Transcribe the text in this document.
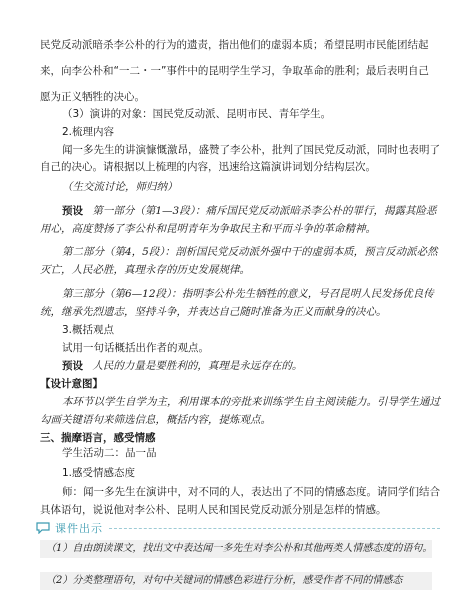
民党反动派暗杀李公朴的行为的遗责，指出他们的虚弱本质；希望昆明市民能团结起
来，向李公朴和“一二・一”事件中的昆明学生学习，争取革命的胜利；最后表明自己
愿为正义牺牲的决心。
（3）演讲的对象：国民党反动派、昆明市民、青年学生。
2.梳理内容
闻一多先生的讲演慷慨激昂，盛赞了李公朴，批判了国民党反动派，同时也表明了
自己的决心。请根据以上梳理的内容，迅速给这篇演讲词划分结构层次。
（生交流讨论，师归纳）
预设 第一部分（第1—3段）：痛斥国民党反动派暗杀李公朴的罪行，揭露其险恶
用心，高度赞扬了李公朴和昆明青年为争取民主和平而斗争的革命精神。
第二部分（第4，5段）：剖析国民党反动派外强中干的虚弱本质，预言反动派必然
灭亡，人民必胜，真理永存的历史发展规律。
第三部分（第6—12段）：指明李公朴先生牺牲的意义，号召昆明人民发扬优良传
统，继承先烈遗志，坚持斗争，并表达自己随时准备为正义而献身的决心。
3.概括观点
试用一句话概括出作者的观点。
预设 人民的力量是要胜利的，真理是永远存在的。
【设计意图】
本环节以学生自学为主，利用课本的旁批来训练学生自主阅读能力。引导学生通过
勾画关键语句来筛选信息，概括内容，提炼观点。
三、揣摩语言，感受情感
学生活动二：品一品
1.感受情感态度
师：闻一多先生在演讲中，对不同的人，表达出了不同的情感态度。请同学们结合
具体语句，说说他对李公朴、昆明人民和国民党反动派分别是怎样的情感。
课件出示
（1）自由朗读课文，找出文中表达闻一多先生对李公朴和其他两类人情感态度的语句。
（2）分类整理语句，对句中关键词的情感色彩进行分析，感受作者不同的情感态
